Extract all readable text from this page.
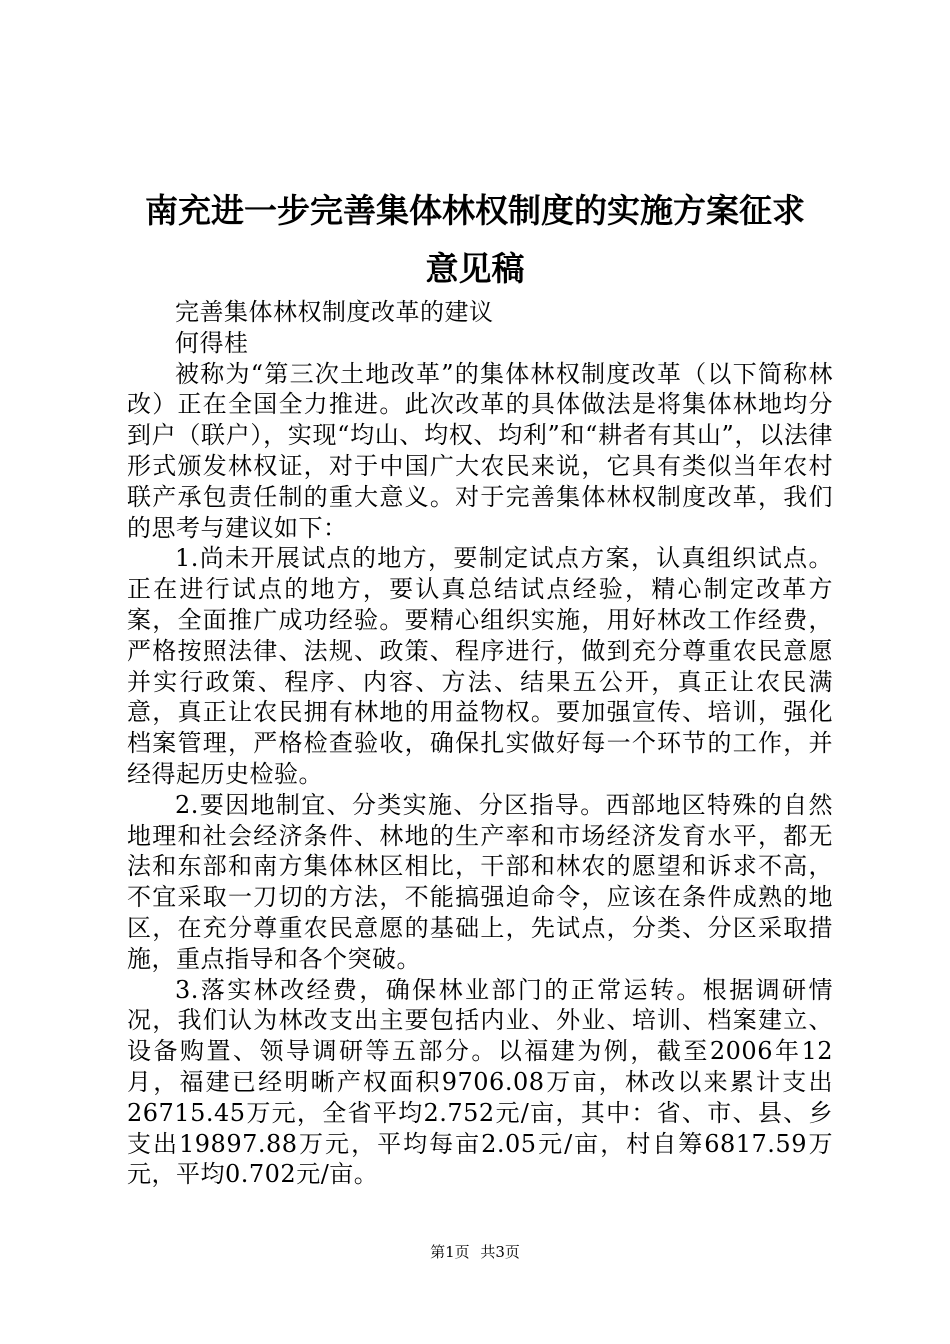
南充进一步完善集体林权制度的实施方案征求
意见稿

完善集体林权制度改革的建议

何得桂

被称为“第三次土地改革”的集体林权制度改革（以下简称林改）正在全国全力推进。此次改革的具体做法是将集体林地均分到户（联户），实现“均山、均权、均利”和“耕者有其山”，以法律形式颁发林权证，对于中国广大农民来说，它具有类似当年农村联产承包责任制的重大意义。对于完善集体林权制度改革，我们的思考与建议如下：

1.尚未开展试点的地方，要制定试点方案，认真组织试点。正在进行试点的地方，要认真总结试点经验，精心制定改革方案，全面推广成功经验。要精心组织实施，用好林改工作经费，严格按照法律、法规、政策、程序进行，做到充分尊重农民意愿并实行政策、程序、内容、方法、结果五公开，真正让农民满意，真正让农民拥有林地的用益物权。要加强宣传、培训，强化档案管理，严格检查验收，确保扎实做好每一个环节的工作，并经得起历史检验。

2.要因地制宜、分类实施、分区指导。西部地区特殊的自然地理和社会经济条件、林地的生产率和市场经济发育水平，都无法和东部和南方集体林区相比，干部和林农的愿望和诉求不高，不宜采取一刀切的方法，不能搞强迫命令，应该在条件成熟的地区，在充分尊重农民意愿的基础上，先试点，分类、分区采取措施，重点指导和各个突破。

3.落实林改经费，确保林业部门的正常运转。根据调研情况，我们认为林改支出主要包括内业、外业、培训、档案建立、设备购置、领导调研等五部分。以福建为例，截至2006年12月，福建已经明晰产权面积9706.08万亩，林改以来累计支出26715.45万元，全省平均2.752元/亩，其中：省、市、县、乡支出19897.88万元，平均每亩2.05元/亩，村自筹6817.59万元，平均0.702元/亩。

第1页 共3页
